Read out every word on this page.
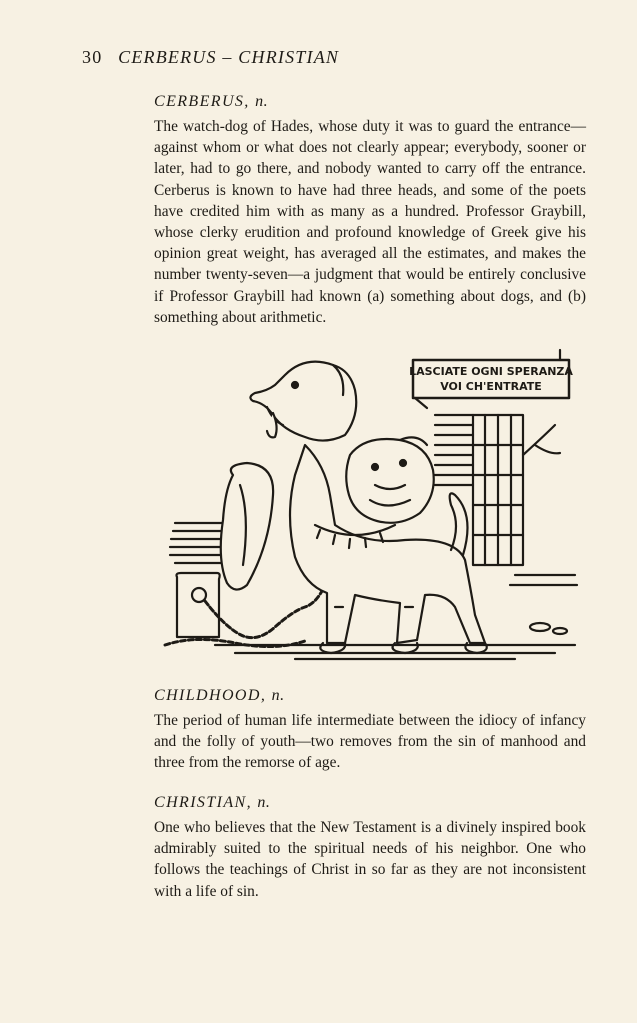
30 CERBERUS – CHRISTIAN

CERBERUS, n.

The watch-dog of Hades, whose duty it was to guard the entrance—against whom or what does not clearly appear; everybody, sooner or later, had to go there, and nobody wanted to carry off the entrance. Cerberus is known to have had three heads, and some of the poets have credited him with as many as a hundred. Professor Graybill, whose clerky erudition and profound knowledge of Greek give his opinion great weight, has averaged all the estimates, and makes the number twenty-seven—a judgment that would be entirely conclusive if Professor Graybill had known (a) something about dogs, and (b) something about arithmetic.

LASCIATE OGNI SPERANZA
VOI CH'ENTRATE

CHILDHOOD, n.

The period of human life intermediate between the idiocy of infancy and the folly of youth—two removes from the sin of manhood and three from the remorse of age.

CHRISTIAN, n.

One who believes that the New Testament is a divinely inspired book admirably suited to the spiritual needs of his neighbor. One who follows the teachings of Christ in so far as they are not inconsistent with a life of sin.
